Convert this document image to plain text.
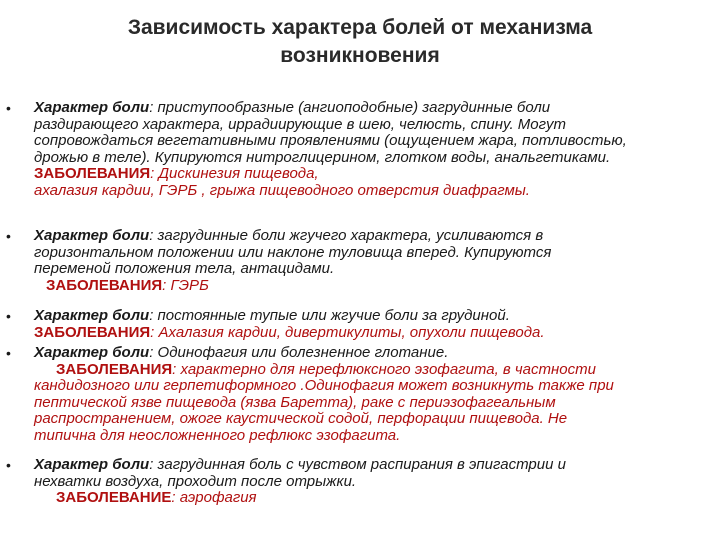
Зависимость характера болей от механизма
возникновения
• Характер боли: приступообразные (ангиоподобные) загрудинные боли
раздирающего характера, иррадиирующие в шею, челюсть, спину. Могут
сопровождаться вегетативными проявлениями (ощущением жара, потливостью,
дрожью в теле). Купируются нитроглицерином, глотком воды, анальгетиками.
ЗАБОЛЕВАНИЯ: Дискинезия пищевода,
ахалазия кардии, ГЭРБ , грыжа пищеводного отверстия диафрагмы.
• Характер боли: загрудинные боли жгучего характера, усиливаются в
горизонтальном положении или наклоне туловища вперед. Купируются
переменой положения тела, антацидами.
ЗАБОЛЕВАНИЯ: ГЭРБ
• Характер боли: постоянные тупые или жгучие боли за грудиной.
ЗАБОЛЕВАНИЯ: Ахалазия кардии, дивертикулиты, опухоли пищевода.
• Характер боли: Одинофагия или болезненное глотание.
ЗАБОЛЕВАНИЯ: характерно для нерефлюксного эзофагита, в частности
кандидозного или герпетиформного .Одинофагия может возникнуть также при
пептической язве пищевода (язва Баретта), раке с периэзофагеальным
распространением, ожоге каустической содой, перфорации пищевода. Не
типична для неосложненного рефлюкс эзофагита.
• Характер боли: загрудинная боль с чувством распирания в эпигастрии и
нехватки воздуха, проходит после отрыжки.
ЗАБОЛЕВАНИЕ: аэрофагия
